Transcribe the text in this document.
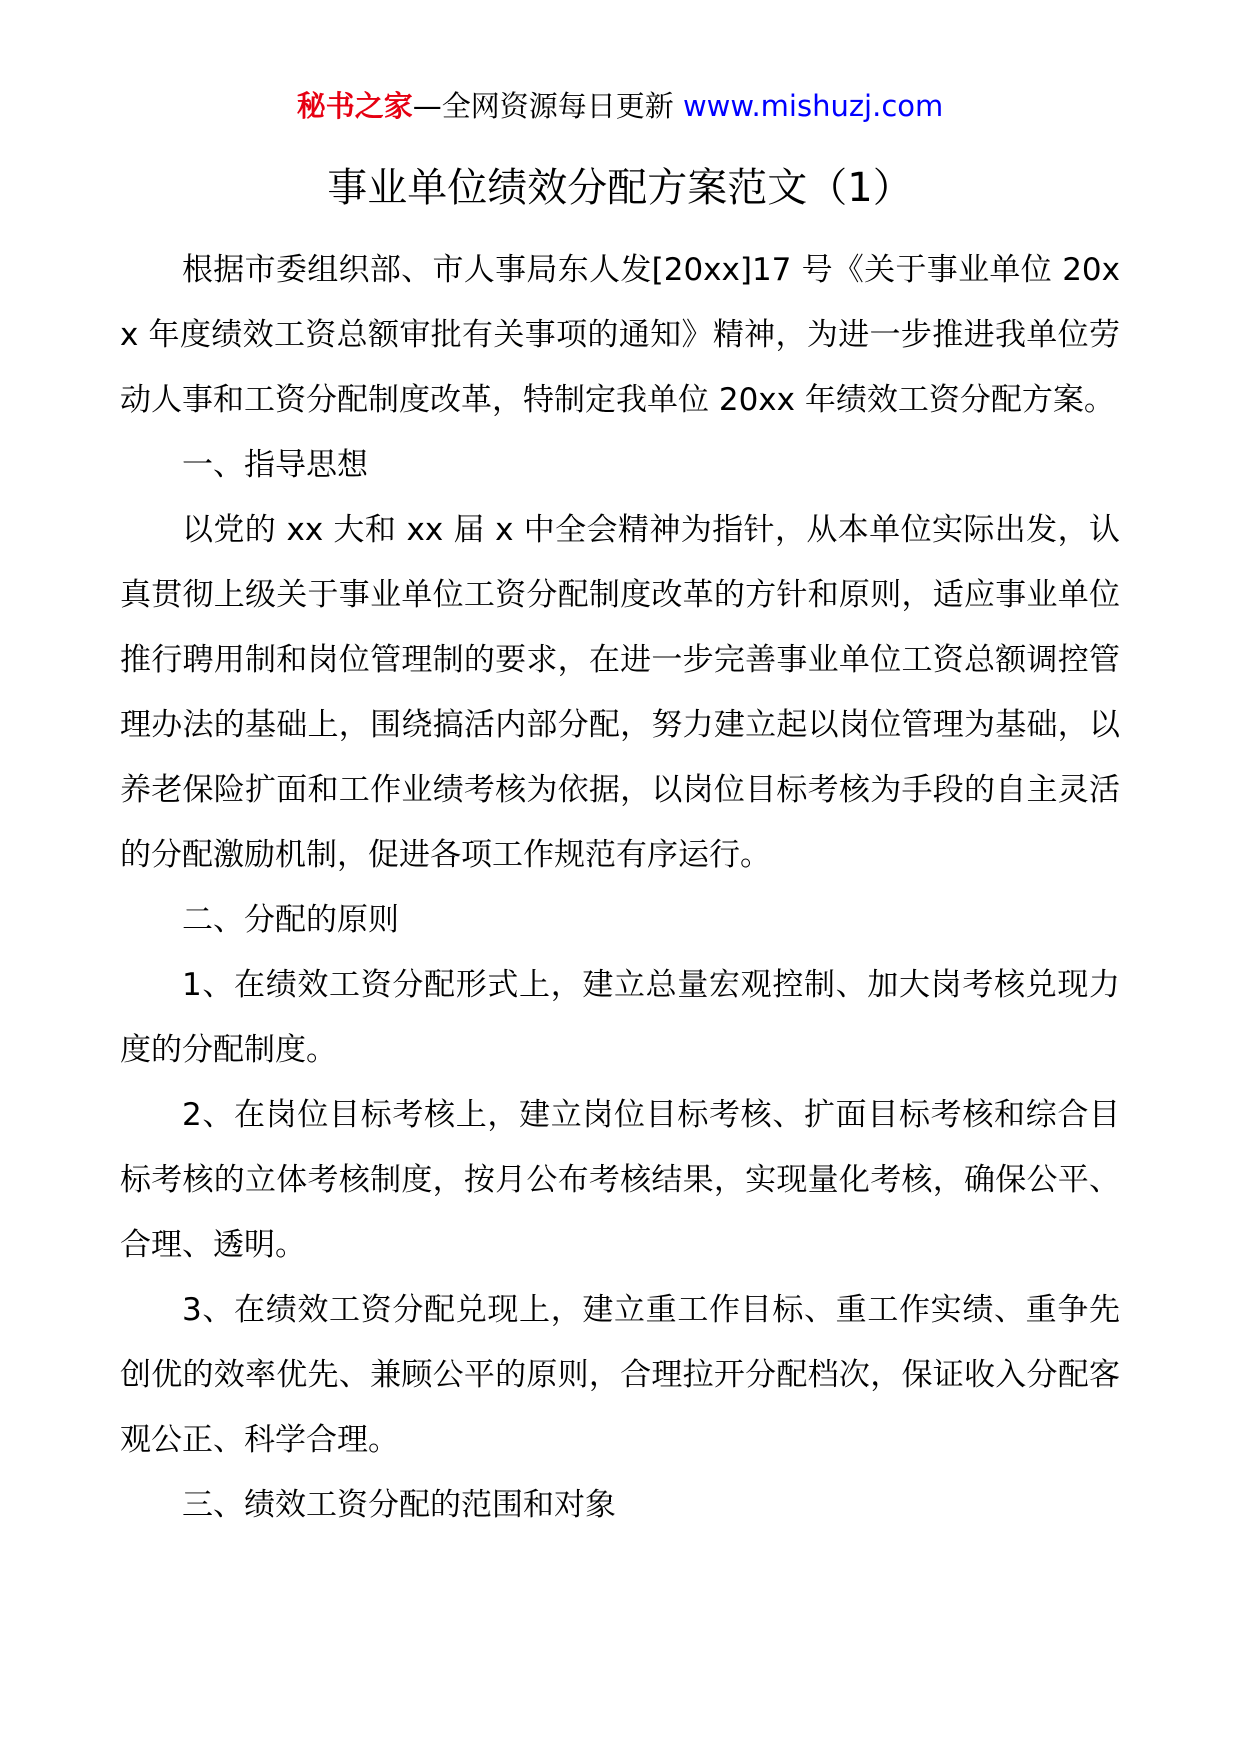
秘书之家—全网资源每日更新 www.mishuzj.com
事业单位绩效分配方案范文（1）

根据市委组织部、市人事局东人发[20xx]17 号《关于事业单位 20xx 年度绩效工资总额审批有关事项的通知》精神，为进一步推进我单位劳动人事和工资分配制度改革，特制定我单位 20xx 年绩效工资分配方案。

一、指导思想

以党的 xx 大和 xx 届 x 中全会精神为指针，从本单位实际出发，认真贯彻上级关于事业单位工资分配制度改革的方针和原则，适应事业单位推行聘用制和岗位管理制的要求，在进一步完善事业单位工资总额调控管理办法的基础上，围绕搞活内部分配，努力建立起以岗位管理为基础，以养老保险扩面和工作业绩考核为依据，以岗位目标考核为手段的自主灵活的分配激励机制，促进各项工作规范有序运行。

二、分配的原则

1、在绩效工资分配形式上，建立总量宏观控制、加大岗考核兑现力度的分配制度。

2、在岗位目标考核上，建立岗位目标考核、扩面目标考核和综合目标考核的立体考核制度，按月公布考核结果，实现量化考核，确保公平、合理、透明。

3、在绩效工资分配兑现上，建立重工作目标、重工作实绩、重争先创优的效率优先、兼顾公平的原则，合理拉开分配档次，保证收入分配客观公正、科学合理。

三、绩效工资分配的范围和对象
